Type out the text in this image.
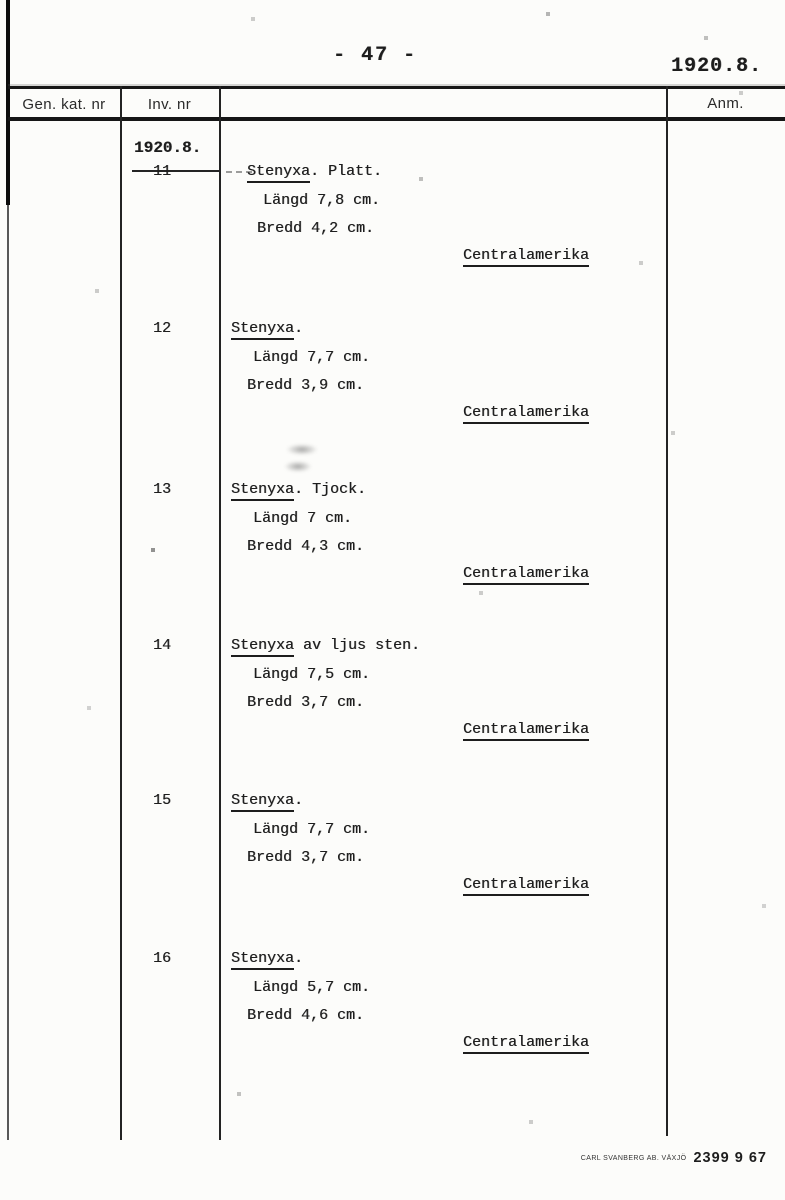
- 47 -	1920.8.
Gen. kat. nr	Inv. nr	Anm.
1920.8.
11	Stenyxa. Platt.
Längd 7,8 cm.
Bredd 4,2 cm.
Centralamerika
12	Stenyxa.
Längd 7,7 cm.
Bredd 3,9 cm.
Centralamerika
13	Stenyxa. Tjock.
Längd 7 cm.
Bredd 4,3 cm.
Centralamerika
14	Stenyxa av ljus sten.
Längd 7,5 cm.
Bredd 3,7 cm.
Centralamerika
15	Stenyxa.
Längd 7,7 cm.
Bredd 3,7 cm.
Centralamerika
16	Stenyxa.
Längd 5,7 cm.
Bredd 4,6 cm.
Centralamerika
CARL SVANBERG AB. VÄXJÖ 2399 9 67
